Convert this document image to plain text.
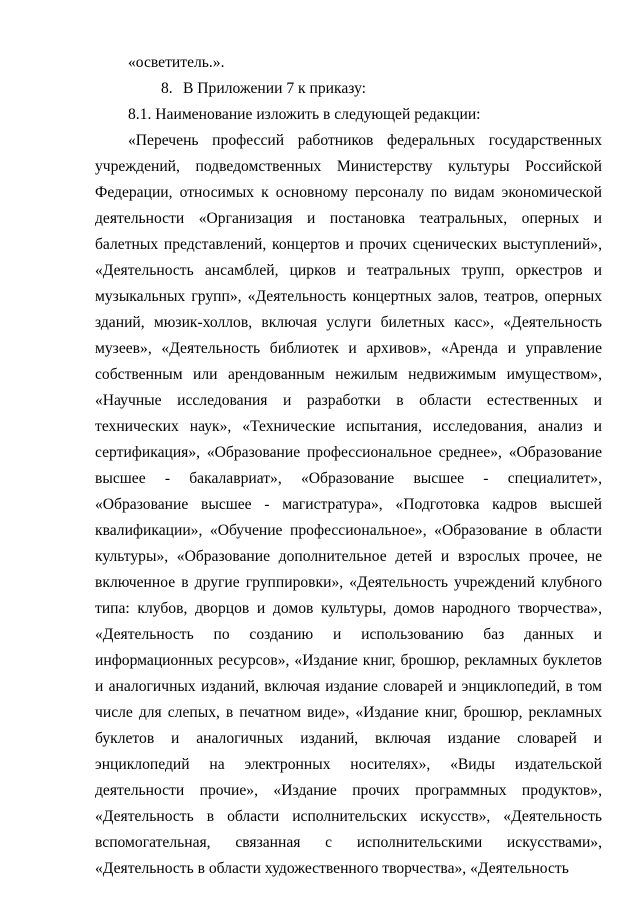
«осветитель.».

8. В Приложении 7 к приказу:

8.1. Наименование изложить в следующей редакции:

«Перечень профессий работников федеральных государственных учреждений, подведомственных Министерству культуры Российской Федерации, относимых к основному персоналу по видам экономической деятельности «Организация и постановка театральных, оперных и балетных представлений, концертов и прочих сценических выступлений», «Деятельность ансамблей, цирков и театральных трупп, оркестров и музыкальных групп», «Деятельность концертных залов, театров, оперных зданий, мюзик-холлов, включая услуги билетных касс», «Деятельность музеев», «Деятельность библиотек и архивов», «Аренда и управление собственным или арендованным нежилым недвижимым имуществом», «Научные исследования и разработки в области естественных и технических наук», «Технические испытания, исследования, анализ и сертификация», «Образование профессиональное среднее», «Образование высшее - бакалавриат», «Образование высшее - специалитет», «Образование высшее - магистратура», «Подготовка кадров высшей квалификации», «Обучение профессиональное», «Образование в области культуры», «Образование дополнительное детей и взрослых прочее, не включенное в другие группировки», «Деятельность учреждений клубного типа: клубов, дворцов и домов культуры, домов народного творчества», «Деятельность по созданию и использованию баз данных и информационных ресурсов», «Издание книг, брошюр, рекламных буклетов и аналогичных изданий, включая издание словарей и энциклопедий, в том числе для слепых, в печатном виде», «Издание книг, брошюр, рекламных буклетов и аналогичных изданий, включая издание словарей и энциклопедий на электронных носителях», «Виды издательской деятельности прочие», «Издание прочих программных продуктов», «Деятельность в области исполнительских искусств», «Деятельность вспомогательная, связанная с исполнительскими искусствами», «Деятельность в области художественного творчества», «Деятельность
